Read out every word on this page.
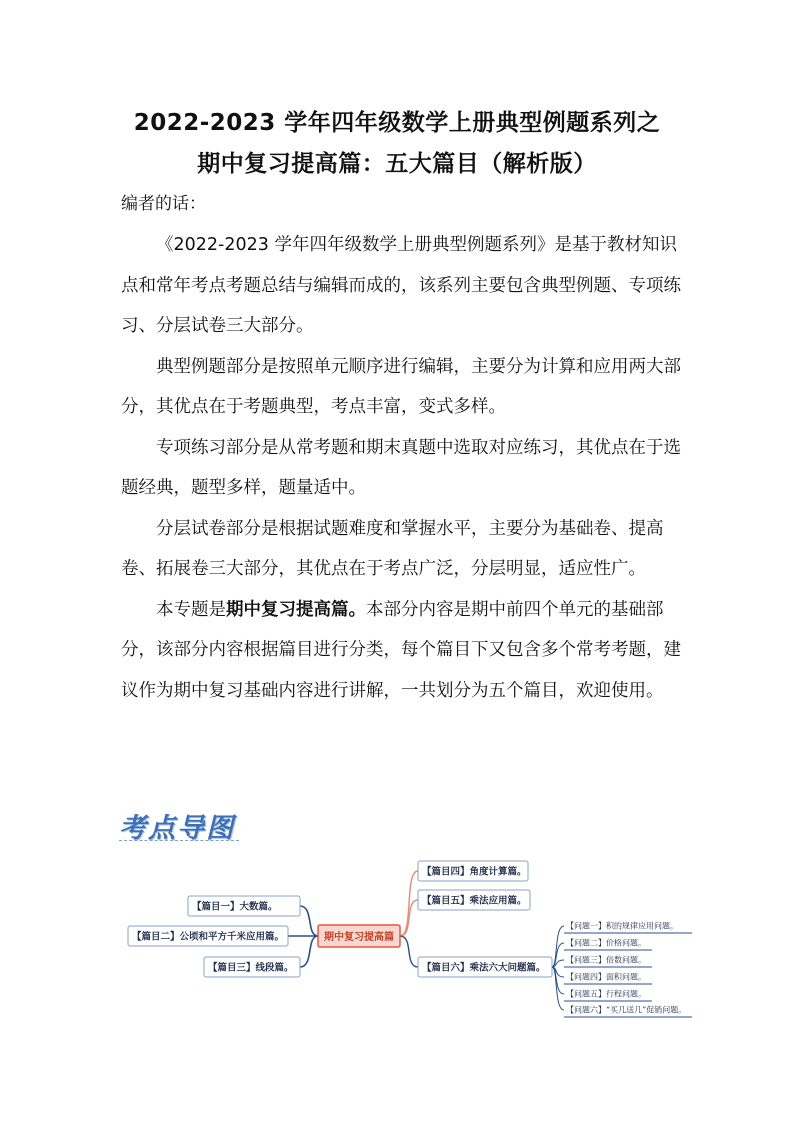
2022-2023 学年四年级数学上册典型例题系列之
期中复习提高篇：五大篇目（解析版）
编者的话：

《2022-2023 学年四年级数学上册典型例题系列》是基于教材知识点和常年考点考题总结与编辑而成的，该系列主要包含典型例题、专项练习、分层试卷三大部分。

典型例题部分是按照单元顺序进行编辑，主要分为计算和应用两大部分，其优点在于考题典型，考点丰富，变式多样。

专项练习部分是从常考题和期末真题中选取对应练习，其优点在于选题经典，题型多样，题量适中。

分层试卷部分是根据试题难度和掌握水平，主要分为基础卷、提高卷、拓展卷三大部分，其优点在于考点广泛，分层明显，适应性广。

本专题是期中复习提高篇。本部分内容是期中前四个单元的基础部分，该部分内容根据篇目进行分类，每个篇目下又包含多个常考考题，建议作为期中复习基础内容进行讲解，一共划分为五个篇目，欢迎使用。

考点导图
【篇目一】大数篇。
【篇目二】公顷和平方千米应用篇。
【篇目三】线段篇。
【篇目四】角度计算篇。
【篇目五】乘法应用篇。
【篇目六】乘法六大问题篇。
【问题一】积的规律应用问题。
【问题二】价格问题。
【问题三】倍数问题。
【问题四】面积问题。
【问题五】行程问题。
【问题六】“买几送几”促销问题。
期中复习提高篇
